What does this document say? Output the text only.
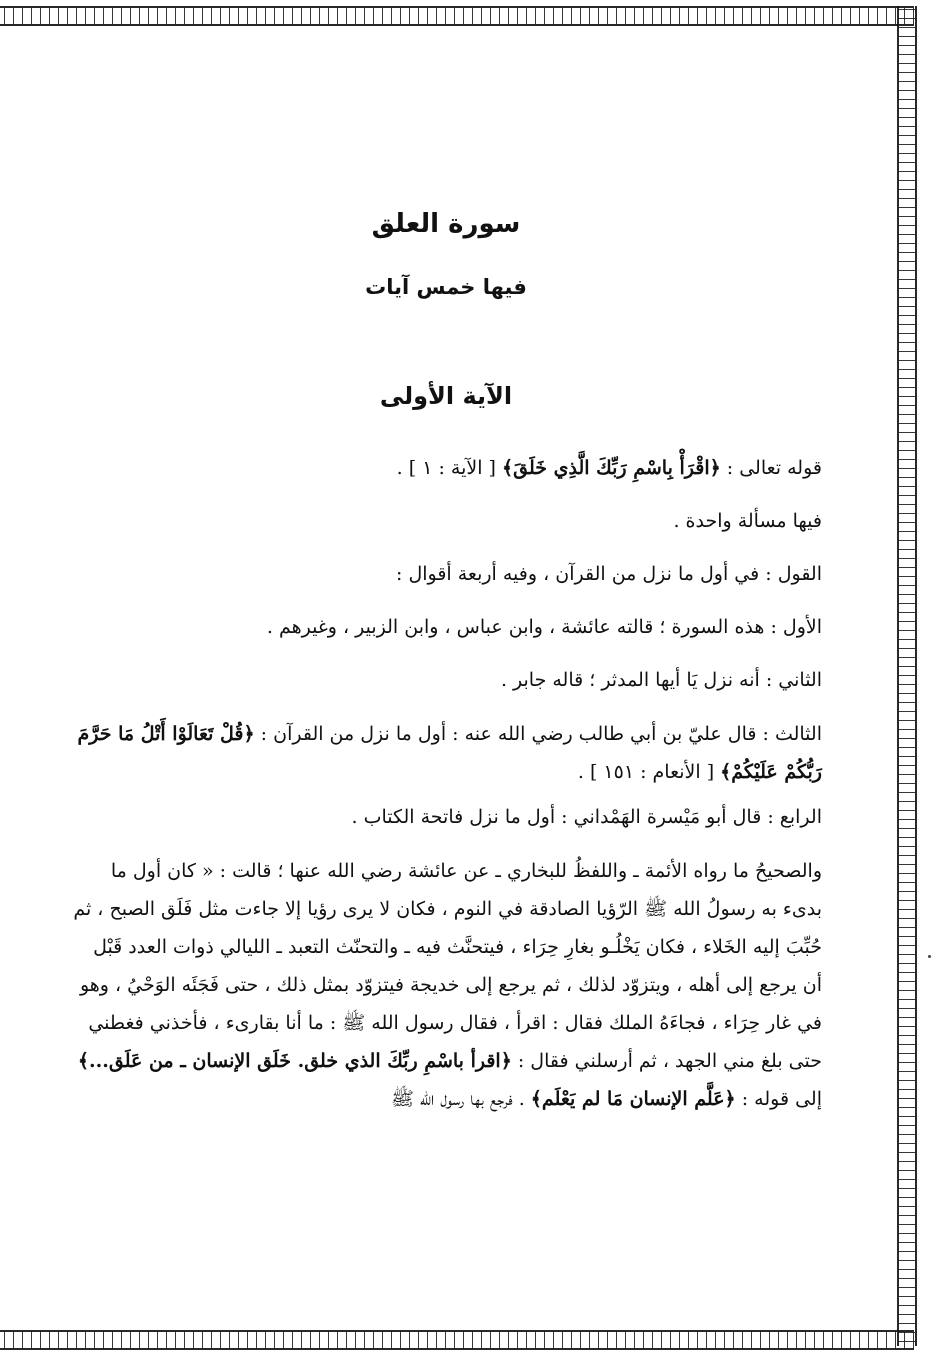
سورة العلق
فيها خمس آيات
الآية الأولى

قوله تعالى : ﴿اقْرَأْ بِاسْمِ رَبِّكَ الَّذِي خَلَقَ﴾ [ الآية : ١ ] .

فيها مسألة واحدة .

القول : في أول ما نزل من القرآن ، وفيه أربعة أقوال :

الأول : هذه السورة ؛ قالته عائشة ، وابن عباس ، وابن الزبير ، وغيرهم .

الثاني : أنه نزل يَا أيها المدثر ؛ قاله جابر .

الثالث : قال عليّ بن أبي طالب رضي الله عنه : أول ما نزل من القرآن : ﴿قُلْ تَعَالَوْا أَتْلُ مَا حَرَّمَ رَبُّكُمْ عَلَيْكُمْ﴾ [ الأنعام : ١٥١ ] .

الرابع : قال أبو مَيْسرة الهَمْداني : أول ما نزل فاتحة الكتاب .

والصحيحُ ما رواه الأئمة ـ واللفظُ للبخاري ـ عن عائشة رضي الله عنها ؛ قالت : « كان أول ما بدىء به رسولُ الله ﷺ الرّؤيا الصادقة في النوم ، فكان لا يرى رؤيا إلا جاءت مثل فَلَق الصبح ، ثم حُبِّبَ إليه الخَلاء ، فكان يَخْلُـو بغارِ حِرَاء ، فيتحنَّث فيه ـ والتحنّث التعبد ـ الليالي ذوات العدد قَبْل أن يرجع إلى أهله ، ويتزوّد لذلك ، ثم يرجع إلى خديجة فيتزوّد بمثل ذلك ، حتى فَجَئَه الوَحْيُ ، وهو في غار حِرَاء ، فجاءَهُ الملك فقال : اقرأ ، فقال رسول الله ﷺ : ما أنا بقارىء ، فأخذني فغطني حتى بلغ مني الجهد ، ثم أرسلني فقال : ﴿اقرأ باسْمِ ربِّكَ الذي خلق. خَلَق الإنسان ـ من عَلَق...﴾ إلى قوله : ﴿عَلَّم الإنسان مَا لم يَعْلَم﴾ . فرجع بها رسول الله ﷺ
